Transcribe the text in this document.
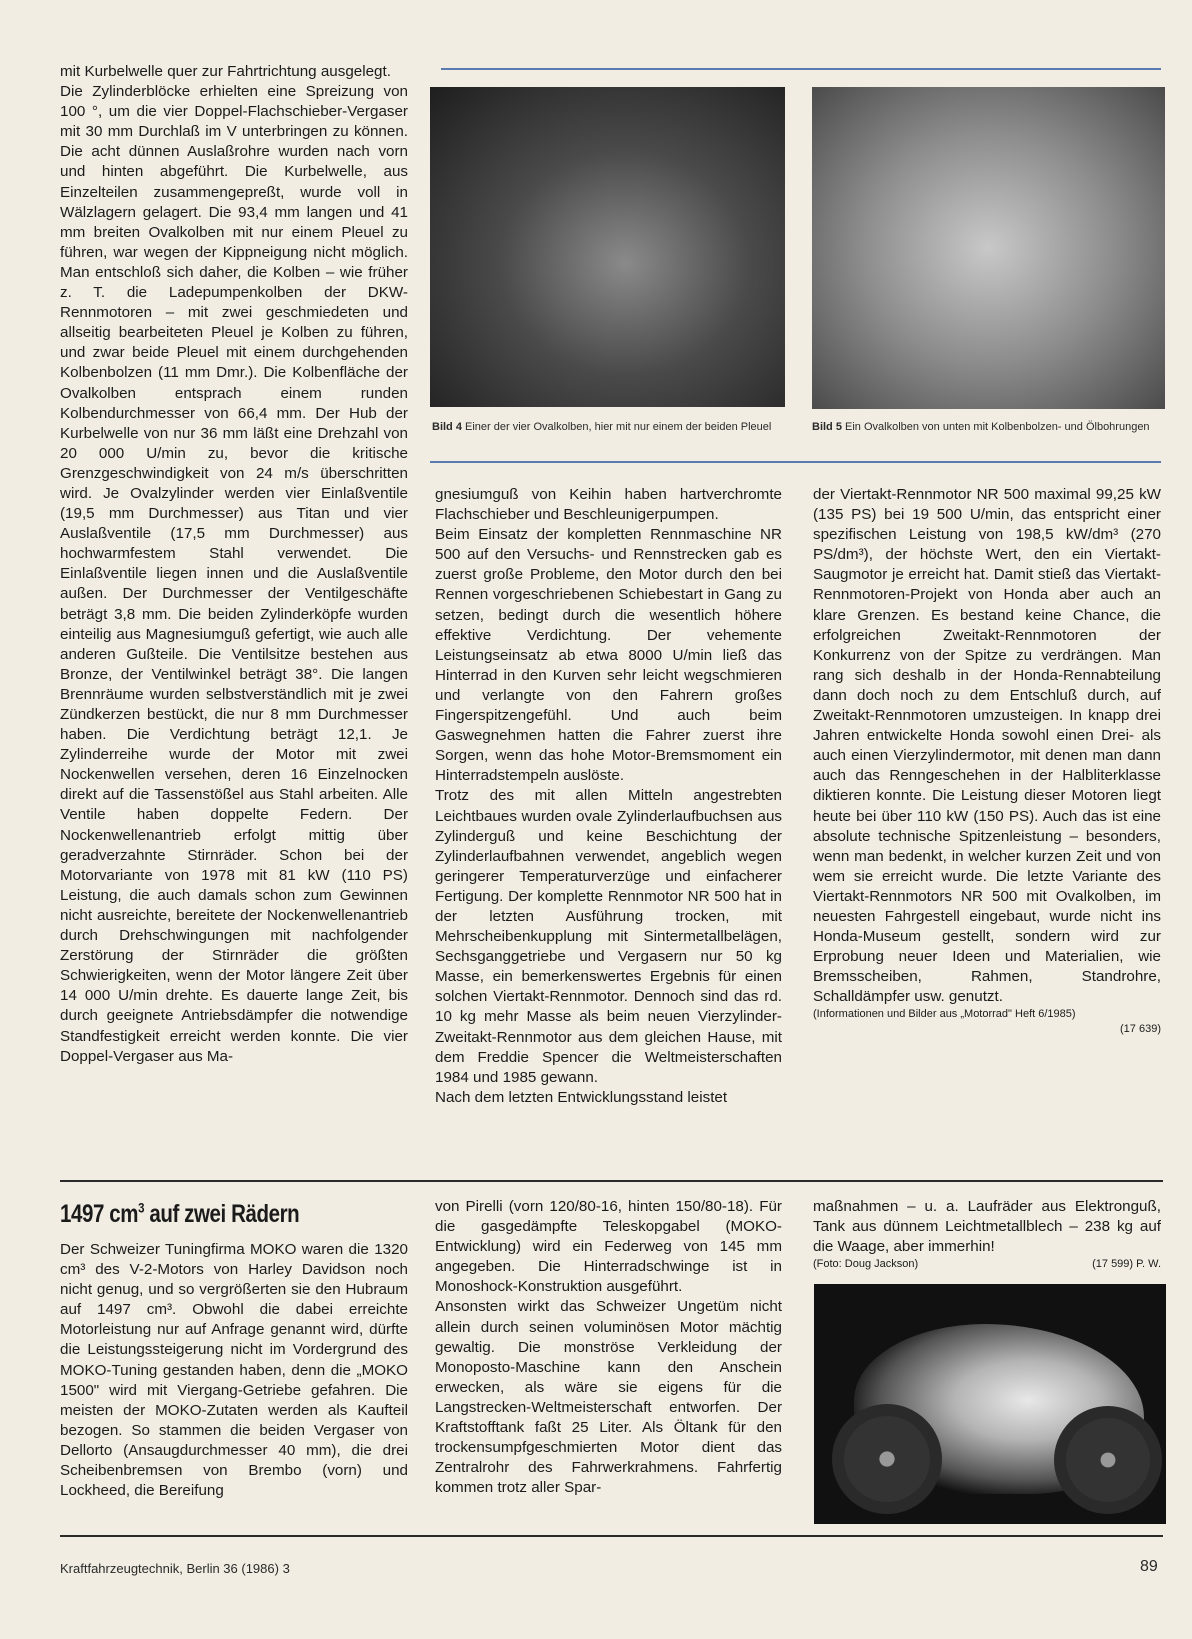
mit Kurbelwelle quer zur Fahrtrichtung ausgelegt.

Die Zylinderblöcke erhielten eine Spreizung von 100 °, um die vier Doppel-Flachschieber-Vergaser mit 30 mm Durchlaß im V unterbringen zu können. Die acht dünnen Auslaßrohre wurden nach vorn und hinten abgeführt. Die Kurbelwelle, aus Einzelteilen zusammengepreßt, wurde voll in Wälzlagern gelagert. Die 93,4 mm langen und 41 mm breiten Ovalkolben mit nur einem Pleuel zu führen, war wegen der Kippneigung nicht möglich. Man entschloß sich daher, die Kolben – wie früher z. T. die Ladepumpenkolben der DKW-Rennmotoren – mit zwei geschmiedeten und allseitig bearbeiteten Pleuel je Kolben zu führen, und zwar beide Pleuel mit einem durchgehenden Kolbenbolzen (11 mm Dmr.). Die Kolbenfläche der Ovalkolben entsprach einem runden Kolbendurchmesser von 66,4 mm. Der Hub der Kurbelwelle von nur 36 mm läßt eine Drehzahl von 20 000 U/min zu, bevor die kritische Grenzgeschwindigkeit von 24 m/s überschritten wird. Je Ovalzylinder werden vier Einlaßventile (19,5 mm Durchmesser) aus Titan und vier Auslaßventile (17,5 mm Durchmesser) aus hochwarmfestem Stahl verwendet. Die Einlaßventile liegen innen und die Auslaßventile außen. Der Durchmesser der Ventilgeschäfte beträgt 3,8 mm. Die beiden Zylinderköpfe wurden einteilig aus Magnesiumguß gefertigt, wie auch alle anderen Gußteile. Die Ventilsitze bestehen aus Bronze, der Ventilwinkel beträgt 38°. Die langen Brennräume wurden selbstverständlich mit je zwei Zündkerzen bestückt, die nur 8 mm Durchmesser haben. Die Verdichtung beträgt 12,1. Je Zylinderreihe wurde der Motor mit zwei Nockenwellen versehen, deren 16 Einzelnocken direkt auf die Tassenstößel aus Stahl arbeiten. Alle Ventile haben doppelte Federn. Der Nockenwellenantrieb erfolgt mittig über geradverzahnte Stirnräder. Schon bei der Motorvariante von 1978 mit 81 kW (110 PS) Leistung, die auch damals schon zum Gewinnen nicht ausreichte, bereitete der Nockenwellenantrieb durch Drehschwingungen mit nachfolgender Zerstörung der Stirnräder die größten Schwierigkeiten, wenn der Motor längere Zeit über 14 000 U/min drehte. Es dauerte lange Zeit, bis durch geeignete Antriebsdämpfer die notwendige Standfestigkeit erreicht werden konnte. Die vier Doppel-Vergaser aus Ma-

Bild 4 Einer der vier Ovalkolben, hier mit nur einem der beiden Pleuel	Bild 5 Ein Ovalkolben von unten mit Kolbenbolzen- und Ölbohrungen

gnesiumguß von Keihin haben hartverchromte Flachschieber und Beschleunigerpumpen.

Beim Einsatz der kompletten Rennmaschine NR 500 auf den Versuchs- und Rennstrecken gab es zuerst große Probleme, den Motor durch den bei Rennen vorgeschriebenen Schiebestart in Gang zu setzen, bedingt durch die wesentlich höhere effektive Verdichtung. Der vehemente Leistungseinsatz ab etwa 8000 U/min ließ das Hinterrad in den Kurven sehr leicht wegschmieren und verlangte von den Fahrern großes Fingerspitzengefühl. Und auch beim Gaswegnehmen hatten die Fahrer zuerst ihre Sorgen, wenn das hohe Motor-Bremsmoment ein Hinterradstempeln auslöste.

Trotz des mit allen Mitteln angestrebten Leichtbaues wurden ovale Zylinderlaufbuchsen aus Zylinderguß und keine Beschichtung der Zylinderlaufbahnen verwendet, angeblich wegen geringerer Temperaturverzüge und einfacherer Fertigung. Der komplette Rennmotor NR 500 hat in der letzten Ausführung trocken, mit Mehrscheibenkupplung mit Sintermetallbelägen, Sechsganggetriebe und Vergasern nur 50 kg Masse, ein bemerkenswertes Ergebnis für einen solchen Viertakt-Rennmotor. Dennoch sind das rd. 10 kg mehr Masse als beim neuen Vierzylinder-Zweitakt-Rennmotor aus dem gleichen Hause, mit dem Freddie Spencer die Weltmeisterschaften 1984 und 1985 gewann.

Nach dem letzten Entwicklungsstand leistet

der Viertakt-Rennmotor NR 500 maximal 99,25 kW (135 PS) bei 19 500 U/min, das entspricht einer spezifischen Leistung von 198,5 kW/dm³ (270 PS/dm³), der höchste Wert, den ein Viertakt-Saugmotor je erreicht hat. Damit stieß das Viertakt-Rennmotoren-Projekt von Honda aber auch an klare Grenzen. Es bestand keine Chance, die erfolgreichen Zweitakt-Rennmotoren der Konkurrenz von der Spitze zu verdrängen. Man rang sich deshalb in der Honda-Rennabteilung dann doch noch zu dem Entschluß durch, auf Zweitakt-Rennmotoren umzusteigen. In knapp drei Jahren entwickelte Honda sowohl einen Drei- als auch einen Vierzylindermotor, mit denen man dann auch das Renngeschehen in der Halbliterklasse diktieren konnte. Die Leistung dieser Motoren liegt heute bei über 110 kW (150 PS). Auch das ist eine absolute technische Spitzenleistung – besonders, wenn man bedenkt, in welcher kurzen Zeit und von wem sie erreicht wurde. Die letzte Variante des Viertakt-Rennmotors NR 500 mit Ovalkolben, im neuesten Fahrgestell eingebaut, wurde nicht ins Honda-Museum gestellt, sondern wird zur Erprobung neuer Ideen und Materialien, wie Bremsscheiben, Rahmen, Standrohre, Schalldämpfer usw. genutzt.

(Informationen und Bilder aus „Motorrad" Heft 6/1985)

(17 639)

1497 $cm^3$ auf zwei Rädern

Der Schweizer Tuningfirma MOKO waren die 1320 cm³ des V-2-Motors von Harley Davidson noch nicht genug, und so vergrößerten sie den Hubraum auf 1497 cm³. Obwohl die dabei erreichte Motorleistung nur auf Anfrage genannt wird, dürfte die Leistungssteigerung nicht im Vordergrund des MOKO-Tuning gestanden haben, denn die „MOKO 1500" wird mit Viergang-Getriebe gefahren. Die meisten der MOKO-Zutaten werden als Kaufteil bezogen. So stammen die beiden Vergaser von Dellorto (Ansaugdurchmesser 40 mm), die drei Scheibenbremsen von Brembo (vorn) und Lockheed, die Bereifung

von Pirelli (vorn 120/80-16, hinten 150/80-18). Für die gasgedämpfte Teleskopgabel (MOKO-Entwicklung) wird ein Federweg von 145 mm angegeben. Die Hinterradschwinge ist in Monoshock-Konstruktion ausgeführt.

Ansonsten wirkt das Schweizer Ungetüm nicht allein durch seinen voluminösen Motor mächtig gewaltig. Die monströse Verkleidung der Monoposto-Maschine kann den Anschein erwecken, als wäre sie eigens für die Langstrecken-Weltmeisterschaft entworfen. Der Kraftstofftank faßt 25 Liter. Als Öltank für den trockensumpfgeschmierten Motor dient das Zentralrohr des Fahrwerkrahmens. Fahrfertig kommen trotz aller Spar-

maßnahmen – u. a. Laufräder aus Elektronguß, Tank aus dünnem Leichtmetallblech – 238 kg auf die Waage, aber immerhin!

(Foto: Doug Jackson)	(17 599) P. W.
Kraftfahrzeugtechnik, Berlin 36 (1986) 3	89
